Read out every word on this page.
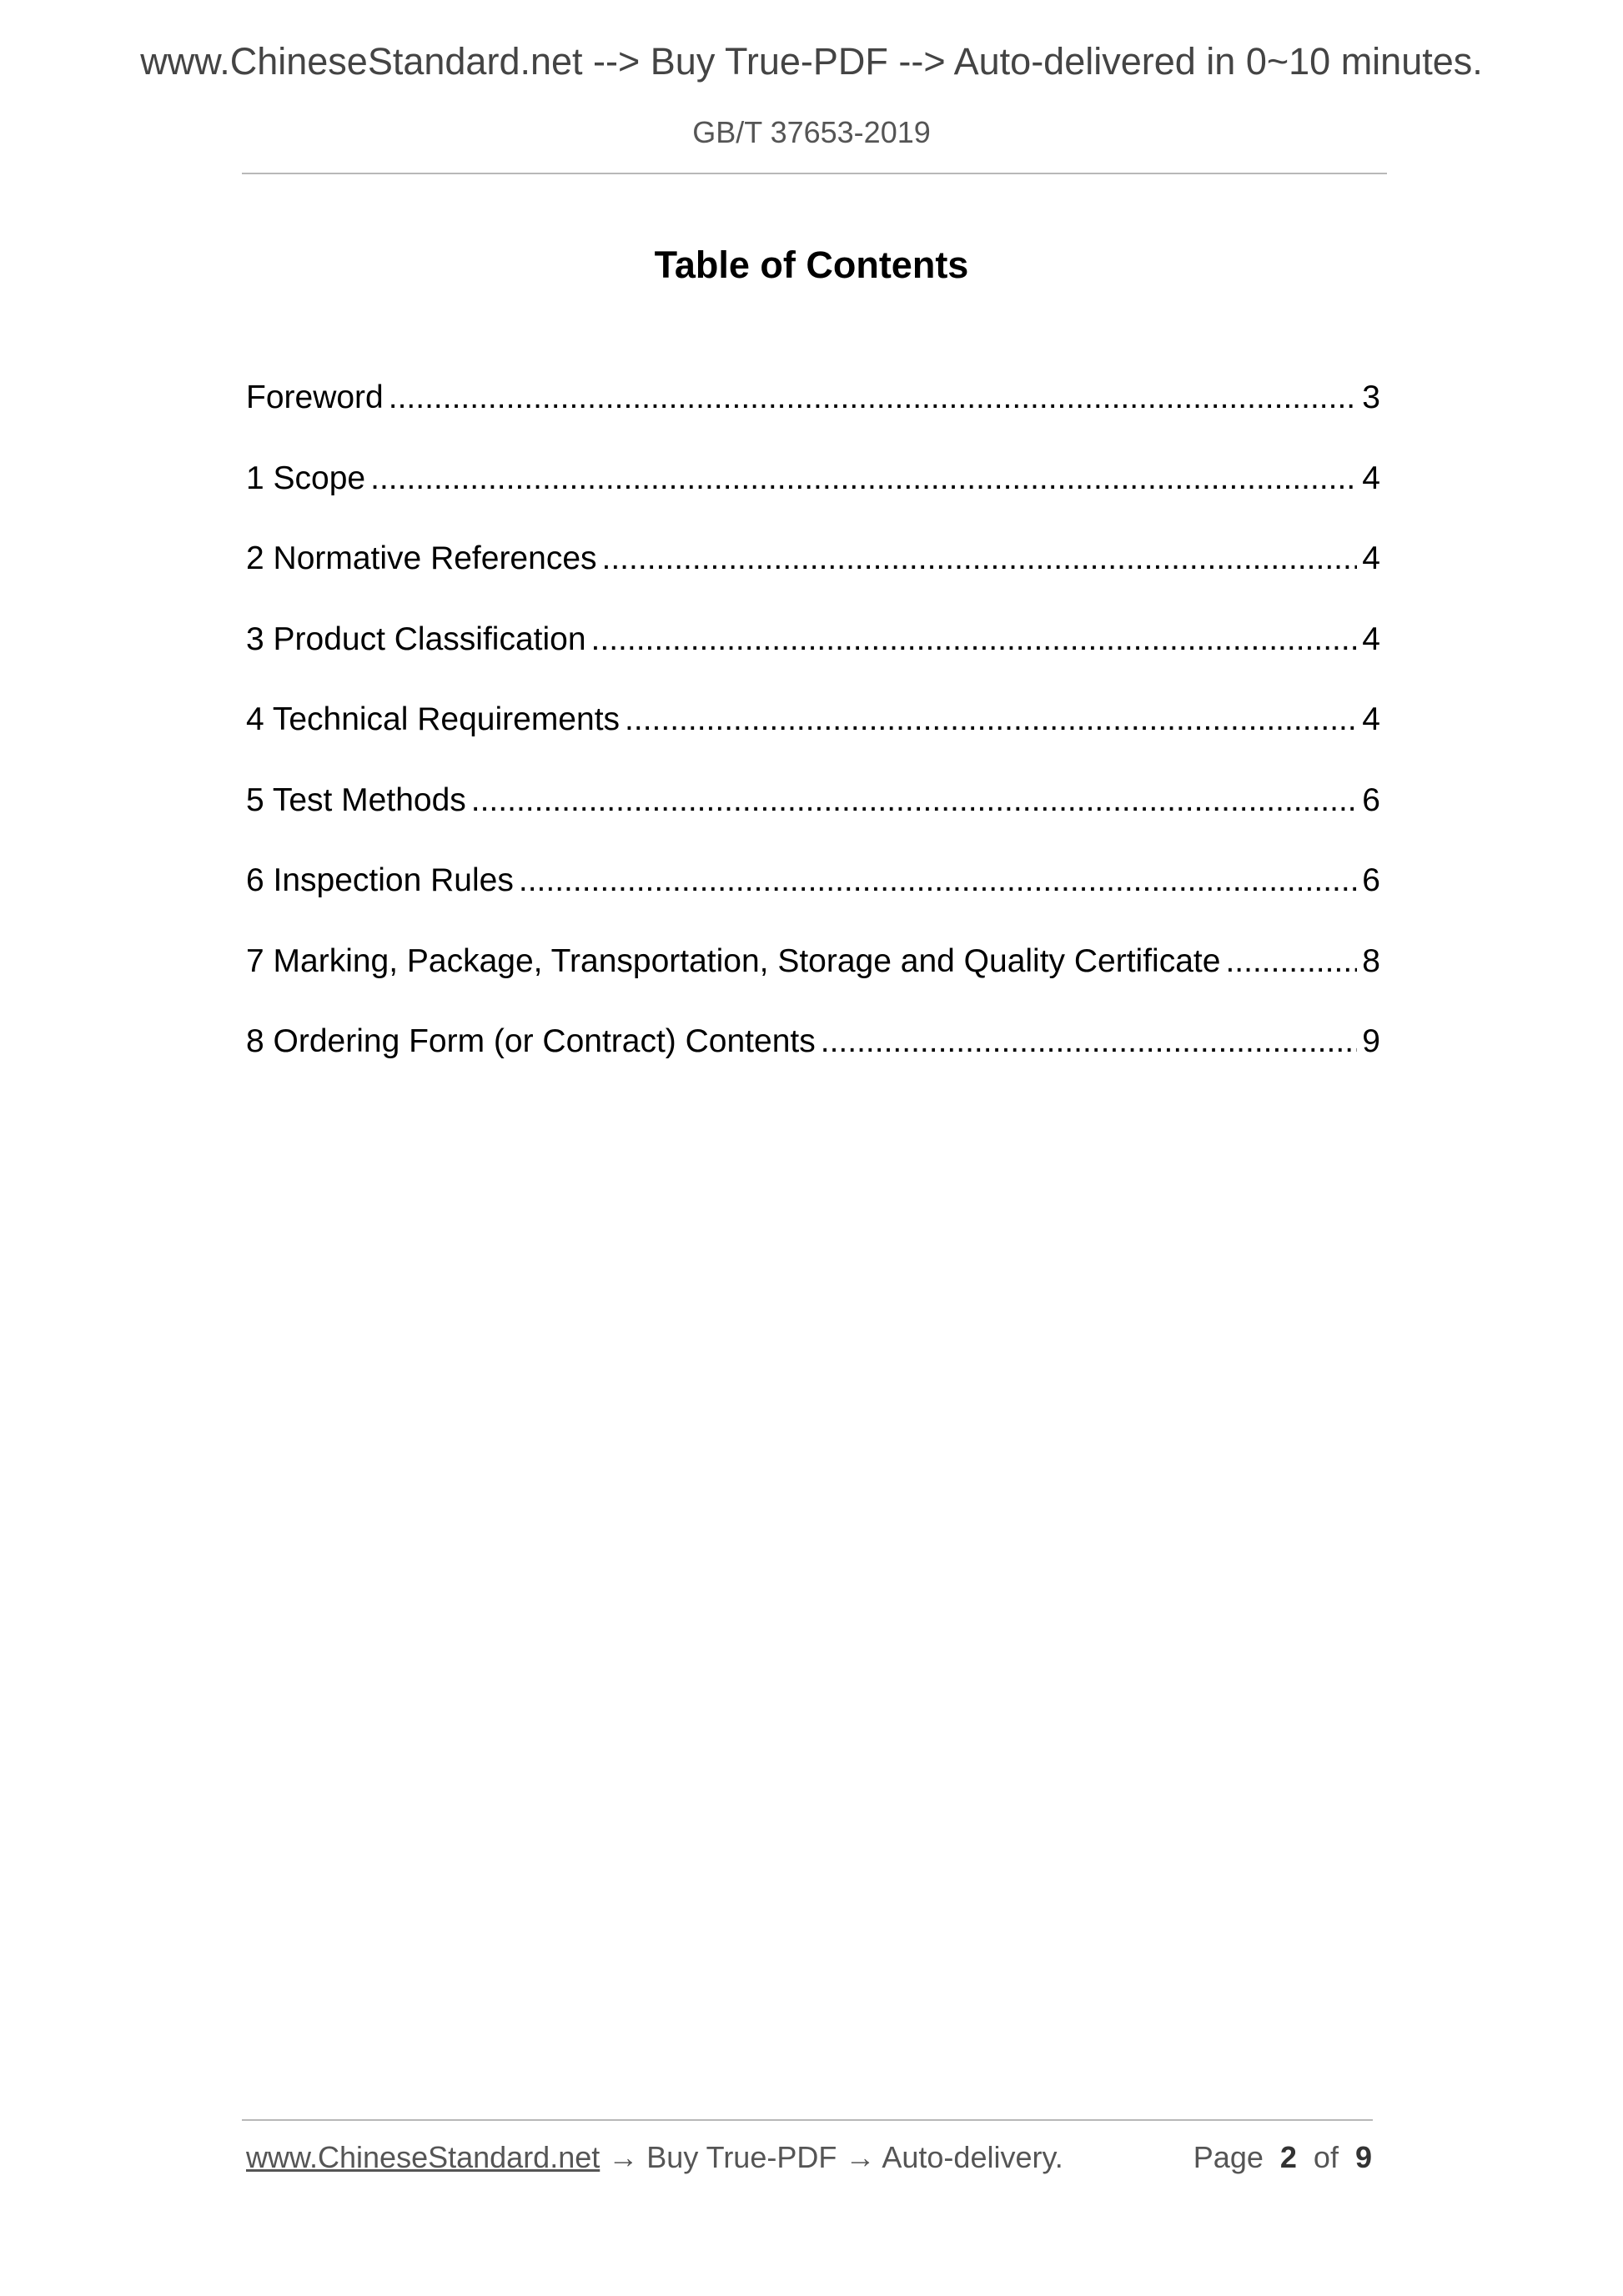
www.ChineseStandard.net --> Buy True-PDF --> Auto-delivered in 0~10 minutes.
GB/T 37653-2019
Table of Contents
Foreword .....	3
1 Scope .....	4
2 Normative References .....	4
3 Product Classification .....	4
4 Technical Requirements .....	4
5 Test Methods .....	6
6 Inspection Rules .....	6
7 Marking, Package, Transportation, Storage and Quality Certificate .....	8
8 Ordering Form (or Contract) Contents .....	9
www.ChineseStandard.net → Buy True-PDF → Auto-delivery.	Page 2 of 9
